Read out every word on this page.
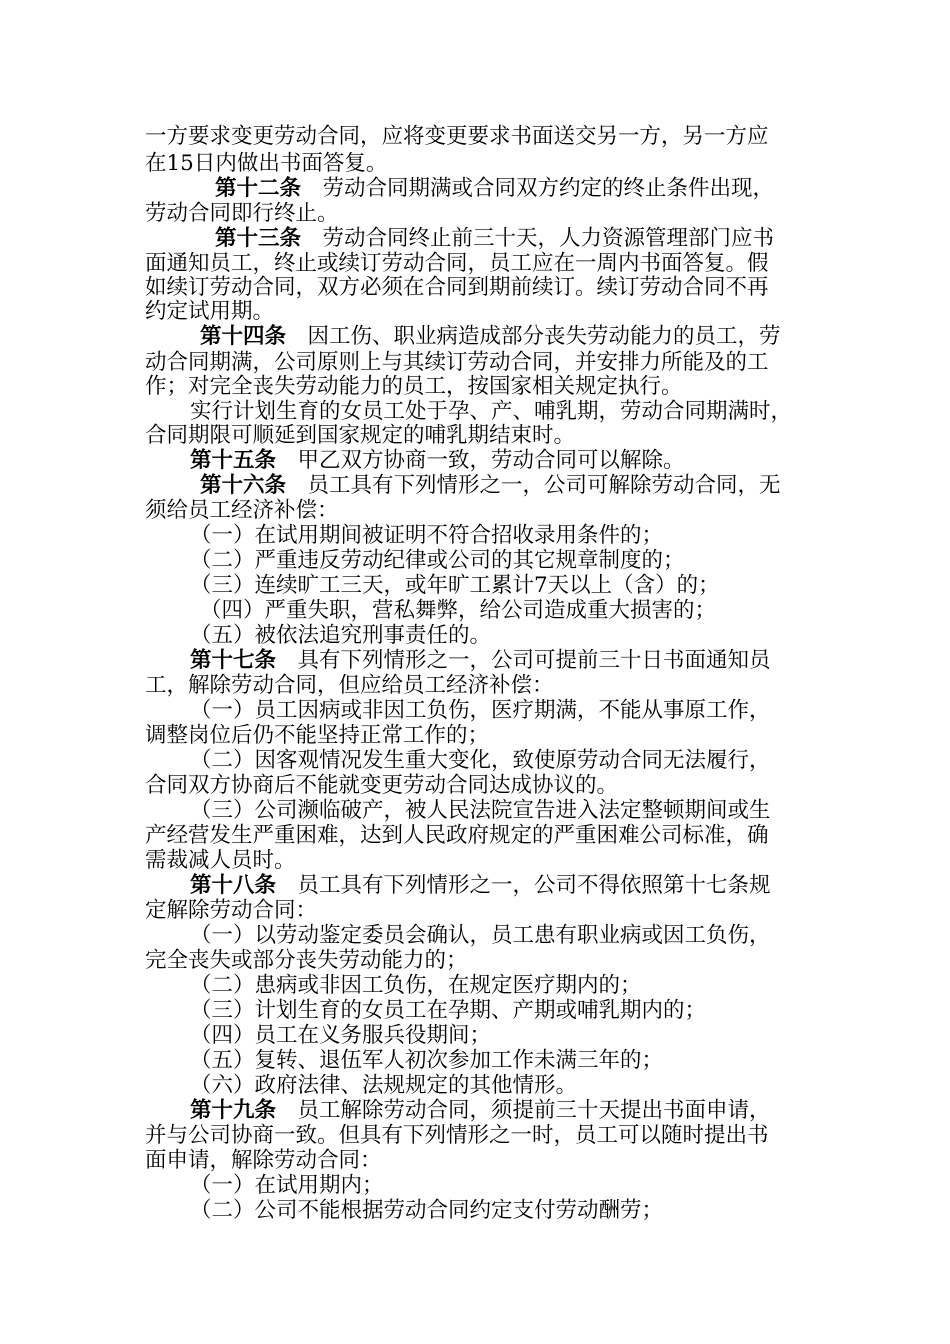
一方要求变更劳动合同，应将变更要求书面送交另一方，另一方应
在15日内做出书面答复。
第十二条　 劳动合同期满或合同双方约定的终止条件出现，
劳动合同即行终止。
第十三条　 劳动合同终止前三十天，人力资源管理部门应书
面通知员工，终止或续订劳动合同，员工应在一周内书面答复。假
如续订劳动合同，双方必须在合同到期前续订。续订劳动合同不再
约定试用期。
第十四条　 因工伤、职业病造成部分丧失劳动能力的员工，劳
动合同期满，公司原则上与其续订劳动合同，并安排力所能及的工
作；对完全丧失劳动能力的员工，按国家相关规定执行。
实行计划生育的女员工处于孕、产、哺乳期，劳动合同期满时，
合同期限可顺延到国家规定的哺乳期结束时。
第十五条　 甲乙双方协商一致，劳动合同可以解除。
第十六条　 员工具有下列情形之一，公司可解除劳动合同，无
须给员工经济补偿：
（一）在试用期间被证明不符合招收录用条件的；
（二）严重违反劳动纪律或公司的其它规章制度的；
（三）连续旷工三天，或年旷工累计7天以上（含）的；
（四）严重失职，营私舞弊，给公司造成重大损害的；
（五）被依法追究刑事责任的。
第十七条　 具有下列情形之一，公司可提前三十日书面通知员
工，解除劳动合同，但应给员工经济补偿：
（一）员工因病或非因工负伤，医疗期满，不能从事原工作，
调整岗位后仍不能坚持正常工作的；
（二）因客观情况发生重大变化，致使原劳动合同无法履行，
合同双方协商后不能就变更劳动合同达成协议的。
（三）公司濒临破产，被人民法院宣告进入法定整顿期间或生
产经营发生严重困难，达到人民政府规定的严重困难公司标准，确
需裁减人员时。
第十八条　 员工具有下列情形之一，公司不得依照第十七条规
定解除劳动合同：
（一）以劳动鉴定委员会确认，员工患有职业病或因工负伤，
完全丧失或部分丧失劳动能力的；
（二）患病或非因工负伤，在规定医疗期内的；
（三）计划生育的女员工在孕期、产期或哺乳期内的；
（四）员工在义务服兵役期间；
（五）复转、退伍军人初次参加工作未满三年的；
（六）政府法律、法规规定的其他情形。
第十九条　 员工解除劳动合同，须提前三十天提出书面申请，
并与公司协商一致。但具有下列情形之一时，员工可以随时提出书
面申请，解除劳动合同：
（一）在试用期内；
（二）公司不能根据劳动合同约定支付劳动酬劳；
